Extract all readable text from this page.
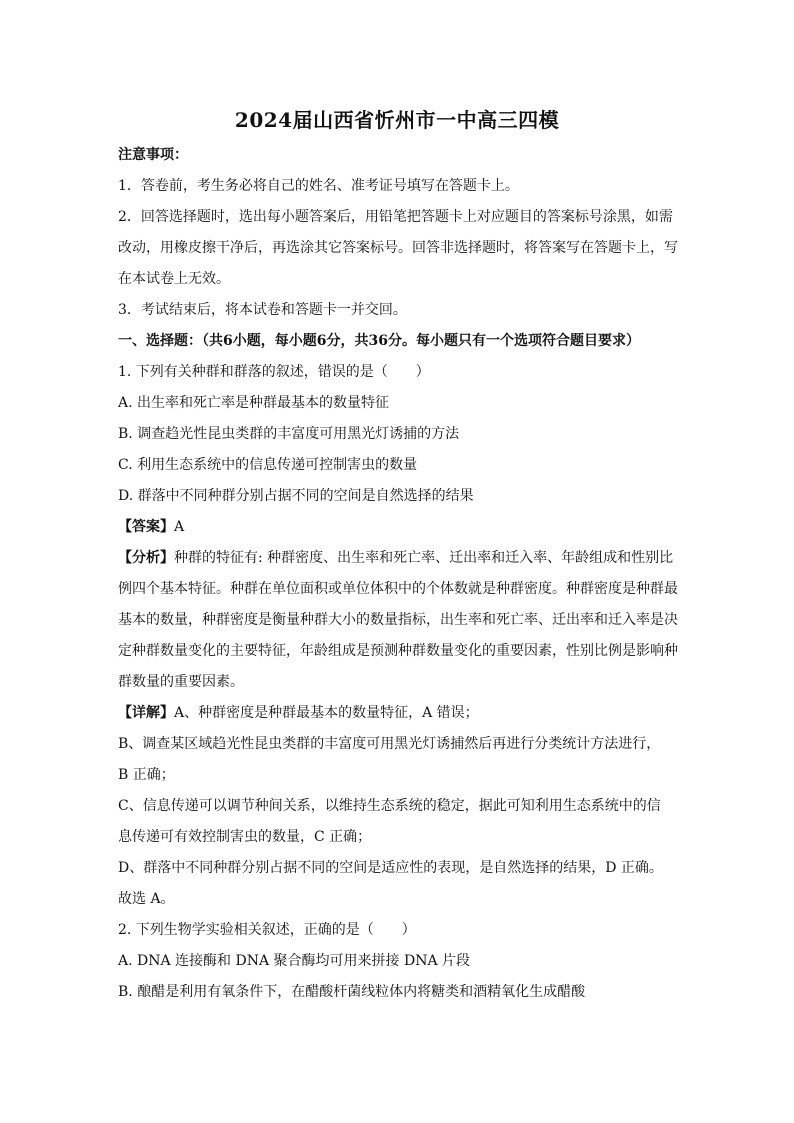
2024届山西省忻州市一中高三四模
注意事项：
1．答卷前，考生务必将自己的姓名、准考证号填写在答题卡上。
2．回答选择题时，选出每小题答案后，用铅笔把答题卡上对应题目的答案标号涂黑，如需
改动，用橡皮擦干净后，再选涂其它答案标号。回答非选择题时，将答案写在答题卡上，写
在本试卷上无效。
3．考试结束后，将本试卷和答题卡一并交回。
一、选择题：（共6小题，每小题6分，共36分。每小题只有一个选项符合题目要求）
1. 下列有关种群和群落的叙述，错误的是（　　）
A. 出生率和死亡率是种群最基本的数量特征
B. 调查趋光性昆虫类群的丰富度可用黑光灯诱捕的方法
C. 利用生态系统中的信息传递可控制害虫的数量
D. 群落中不同种群分别占据不同的空间是自然选择的结果
【答案】A
【分析】种群的特征有: 种群密度、出生率和死亡率、迁出率和迁入率、年龄组成和性别比
例四个基本特征。种群在单位面积或单位体积中的个体数就是种群密度。种群密度是种群最
基本的数量，种群密度是衡量种群大小的数量指标，出生率和死亡率、迁出率和迁入率是决
定种群数量变化的主要特征，年龄组成是预测种群数量变化的重要因素，性别比例是影响种
群数量的重要因素。
【详解】A、种群密度是种群最基本的数量特征，A 错误；
B、调查某区域趋光性昆虫类群的丰富度可用黑光灯诱捕然后再进行分类统计方法进行，
B 正确；
C、信息传递可以调节种间关系，以维持生态系统的稳定，据此可知利用生态系统中的信
息传递可有效控制害虫的数量，C 正确；
D、群落中不同种群分别占据不同的空间是适应性的表现，是自然选择的结果，D 正确。
故选 A。
2. 下列生物学实验相关叙述，正确的是（　　）
A. DNA 连接酶和 DNA 聚合酶均可用来拼接 DNA 片段
B. 酿醋是利用有氧条件下，在醋酸杆菌线粒体内将糖类和酒精氧化生成醋酸
